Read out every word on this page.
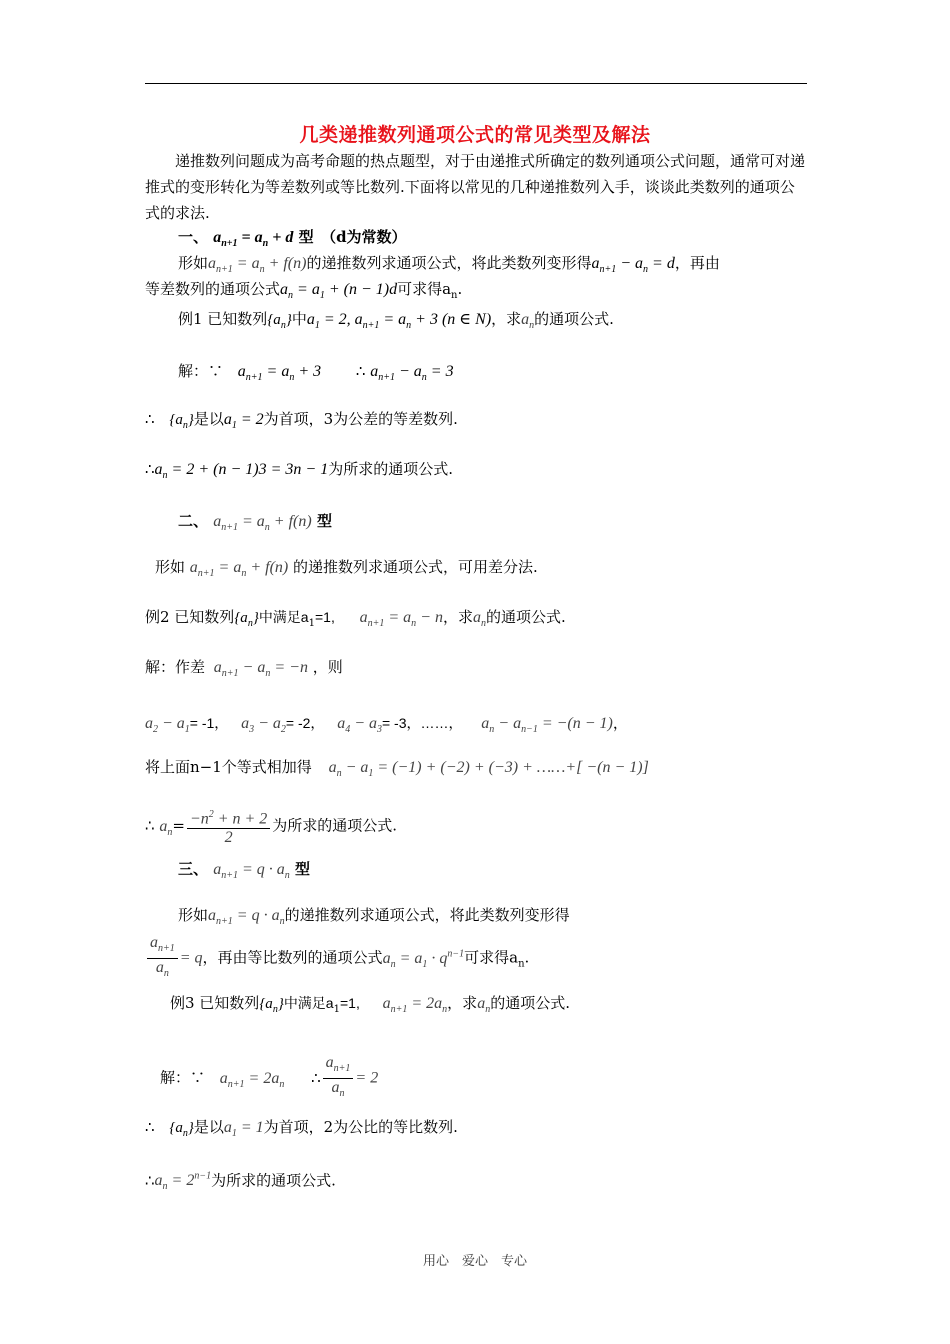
几类递推数列通项公式的常见类型及解法
递推数列问题成为高考命题的热点题型，对于由递推式所确定的数列通项公式问题，通常可对递推式的变形转化为等差数列或等比数列.下面将以常见的几种递推数列入手，谈谈此类数列的通项公式的求法.
一、 $a_{n+1} = a_n + d$ 型　（d为常数）
形如$a_{n+1} = a_n + f(n)$的递推数列求通项公式，将此类数列变形得$a_{n+1} - a_n = d$，再由
等差数列的通项公式$a_n = a_1 + (n - 1)d$可求得$a_n$.
例1 已知数列$\{a_n\}$中$a_1 = 2$, $a_{n+1} = a_n + 3$ (n ∈ N)，求$a_n$的通项公式.
解：∵ $a_{n+1} = a_n + 3$ ∴ $a_{n+1} - a_n = 3$
∴ $\{a_n\}$是以$a_1 = 2$为首项，3为公差的等差数列.
$\therefore a_n = 2 + (n - 1)3 = 3n - 1$为所求的通项公式.
二、 $a_{n+1} = a_n + f(n)$ 型
形如 $a_{n+1} = a_n + f(n)$ 的递推数列求通项公式，可用差分法.
例2 已知数列$\{a_n\}$中满足$a_1=1$, $a_{n+1} = a_n - n$，求$a_n$的通项公式.
解：作差 $a_{n+1} - a_n = -n$ ，则
$a_2 - a_1= -1$， $a_3 - a_2= -2$， $a_4 - a_3= -3$，……， $a_n - a_{n-1} = -(n - 1)$，
将上面n−1个等式相加得 $a_n - a_1 = (-1) + (-2) + (-3)$ + ……+[ −(n − 1)]
∴ $a_n= \frac{-n^2 + n + 2}{2}$ 为所求的通项公式.
三、 $a_{n+1} = q \cdot a_n$ 型
形如$a_{n+1} = q \cdot a_n$的递推数列求通项公式，将此类数列变形得
$\frac{a_{n+1}}{a_n} = q$，再由等比数列的通项公式$a_n = a_1 \cdot q^{n-1}$可求得$a_n$.
例3 已知数列$\{a_n\}$中满足$a_1=1$, $a_{n+1} = 2a_n$，求$a_n$的通项公式.
解：∵ $a_{n+1} = 2a_n$ ∴ $\frac{a_{n+1}}{a_n} = 2$
∴ $\{a_n\}$是以$a_1 = 1$为首项，2为公比的等比数列.
$\therefore a_n = 2^{n-1}$为所求的通项公式.
用心　爱心　专心
